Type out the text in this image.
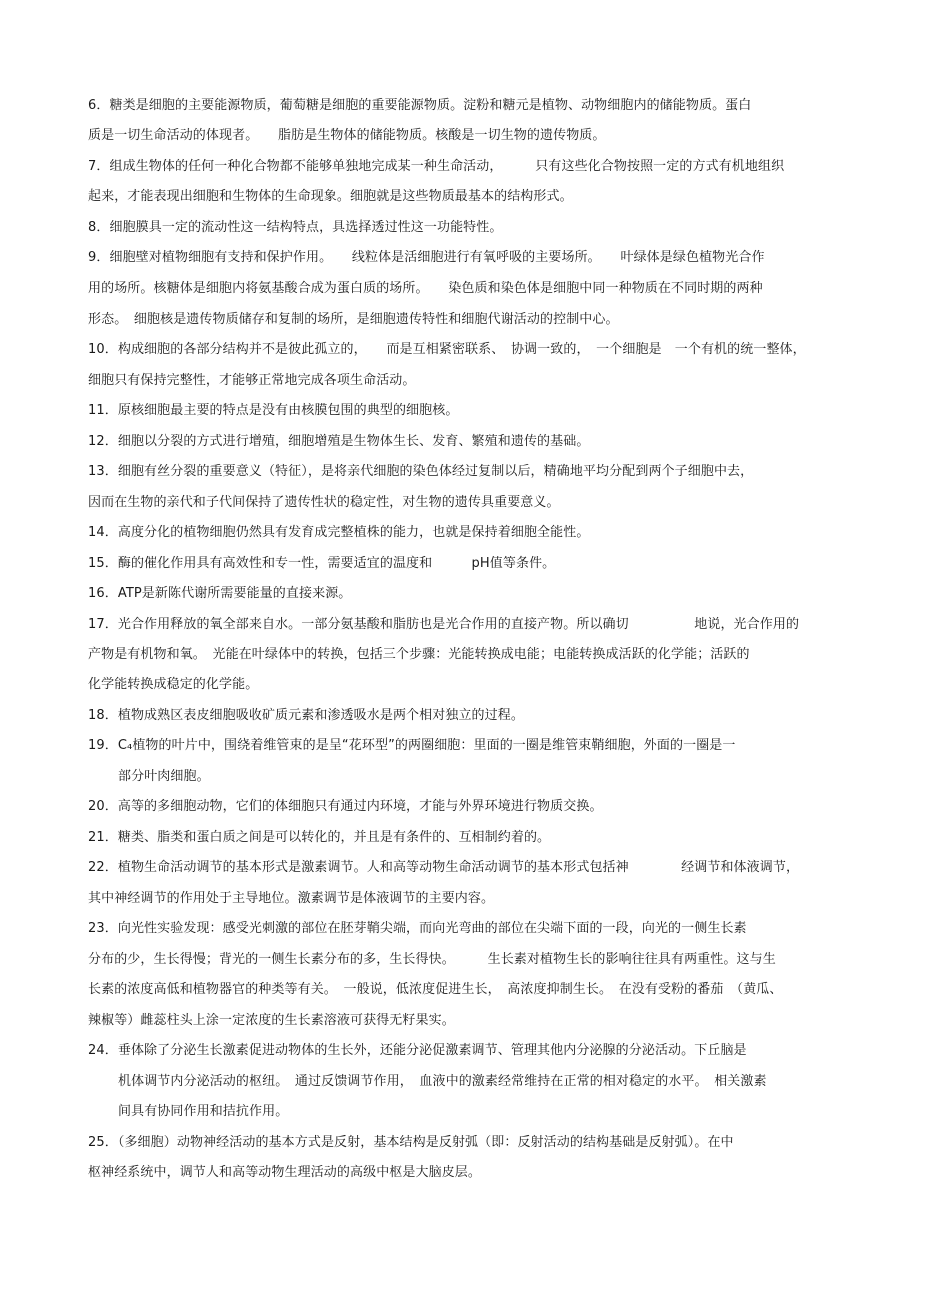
6．糖类是细胞的主要能源物质，葡萄糖是细胞的重要能源物质。淀粉和糖元是植物、动物细胞内的储能物质。蛋白
质是一切生命活动的体现者。　　脂肪是生物体的储能物质。核酸是一切生物的遗传物质。
7．组成生物体的任何一种化合物都不能够单独地完成某一种生命活动，　　　只有这些化合物按照一定的方式有机地组织
起来，才能表现出细胞和生物体的生命现象。细胞就是这些物质最基本的结构形式。
8．细胞膜具一定的流动性这一结构特点，具选择透过性这一功能特性。
9．细胞壁对植物细胞有支持和保护作用。　　线粒体是活细胞进行有氧呼吸的主要场所。　　叶绿体是绿色植物光合作
用的场所。核糖体是细胞内将氨基酸合成为蛋白质的场所。　　染色质和染色体是细胞中同一种物质在不同时期的两种
形态。　细胞核是遗传物质储存和复制的场所，是细胞遗传特性和细胞代谢活动的控制中心。
10．构成细胞的各部分结构并不是彼此孤立的，　　而是互相紧密联系、　协调一致的，　一个细胞是　一个有机的统一整体，
细胞只有保持完整性，才能够正常地完成各项生命活动。
11．原核细胞最主要的特点是没有由核膜包围的典型的细胞核。
12．细胞以分裂的方式进行增殖，细胞增殖是生物体生长、发育、繁殖和遗传的基础。
13．细胞有丝分裂的重要意义（特征），是将亲代细胞的染色体经过复制以后，精确地平均分配到两个子细胞中去，
因而在生物的亲代和子代间保持了遗传性状的稳定性，对生物的遗传具重要意义。
14．高度分化的植物细胞仍然具有发育成完整植株的能力，也就是保持着细胞全能性。
15．酶的催化作用具有高效性和专一性，需要适宜的温度和　　　pH值等条件。
16．ATP是新陈代谢所需要能量的直接来源。
17．光合作用释放的氧全部来自水。一部分氨基酸和脂肪也是光合作用的直接产物。所以确切　　　　　地说，光合作用的
产物是有机物和氧。　光能在叶绿体中的转换，包括三个步骤：光能转换成电能；电能转换成活跃的化学能；活跃的
化学能转换成稳定的化学能。
18．植物成熟区表皮细胞吸收矿质元素和渗透吸水是两个相对独立的过程。
19．C₄植物的叶片中，围绕着维管束的是呈“花环型”的两圈细胞：里面的一圈是维管束鞘细胞，外面的一圈是一
部分叶肉细胞。
20．高等的多细胞动物，它们的体细胞只有通过内环境，才能与外界环境进行物质交换。
21．糖类、脂类和蛋白质之间是可以转化的，并且是有条件的、互相制约着的。
22．植物生命活动调节的基本形式是激素调节。人和高等动物生命活动调节的基本形式包括神　　　　经调节和体液调节，
其中神经调节的作用处于主导地位。激素调节是体液调节的主要内容。
23．向光性实验发现：感受光刺激的部位在胚芽鞘尖端，而向光弯曲的部位在尖端下面的一段，向光的一侧生长素
分布的少，生长得慢；背光的一侧生长素分布的多，生长得快。　　　生长素对植物生长的影响往往具有两重性。这与生
长素的浓度高低和植物器官的种类等有关。　一般说，低浓度促进生长，　高浓度抑制生长。　在没有受粉的番茄　（黄瓜、
辣椒等）雌蕊柱头上涂一定浓度的生长素溶液可获得无籽果实。
24．垂体除了分泌生长激素促进动物体的生长外，还能分泌促激素调节、管理其他内分泌腺的分泌活动。下丘脑是
机体调节内分泌活动的枢纽。　通过反馈调节作用，　血液中的激素经常维持在正常的相对稳定的水平。　相关激素
间具有协同作用和拮抗作用。
25．（多细胞）动物神经活动的基本方式是反射，基本结构是反射弧（即：反射活动的结构基础是反射弧）。在中
枢神经系统中，调节人和高等动物生理活动的高级中枢是大脑皮层。
